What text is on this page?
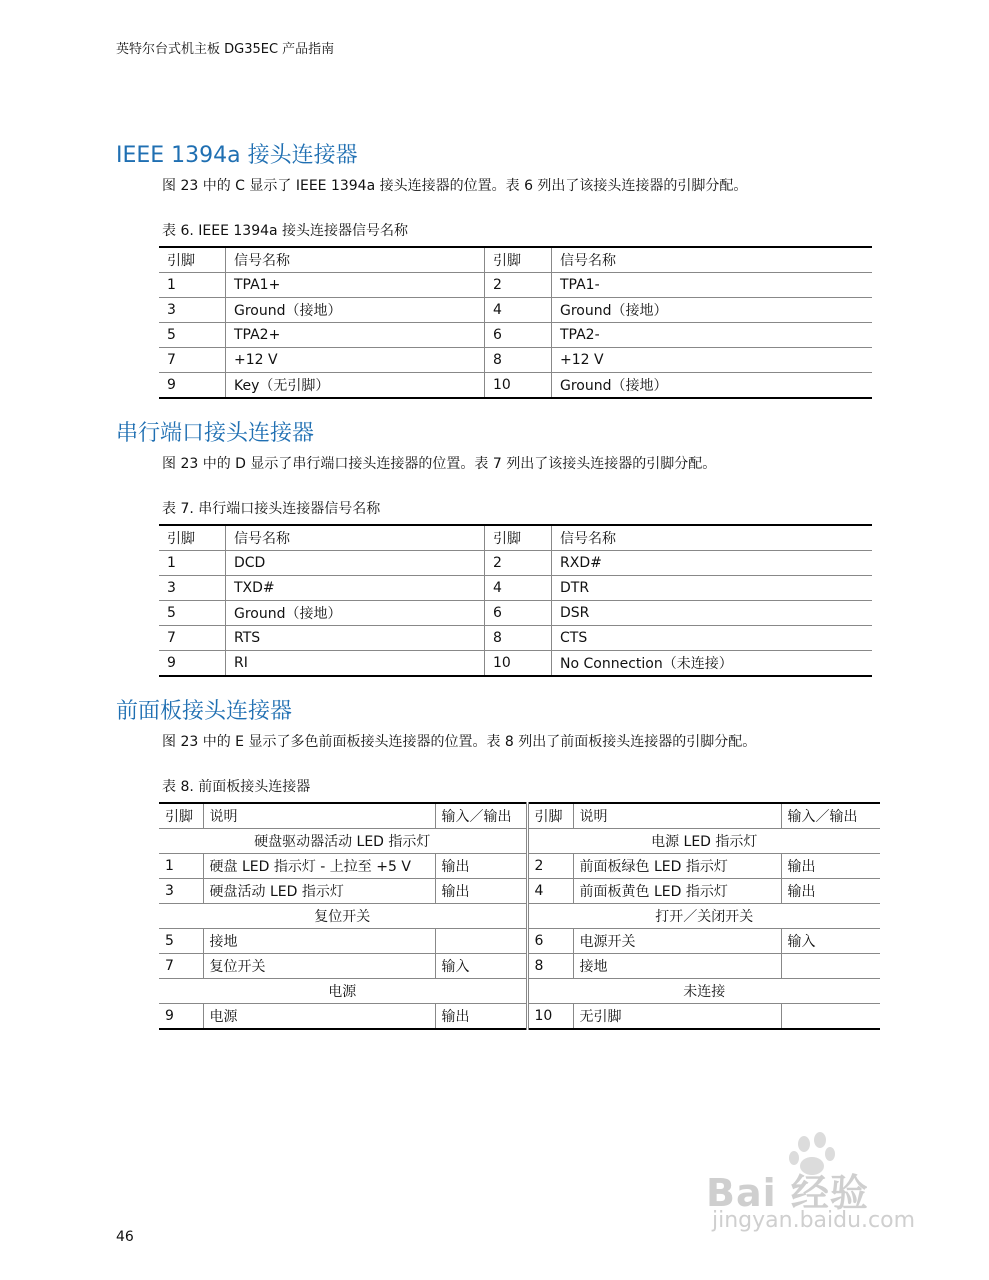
英特尔台式机主板 DG35EC 产品指南
IEEE 1394a 接头连接器

图 23 中的 C 显示了 IEEE 1394a 接头连接器的位置。表 6 列出了该接头连接器的引脚分配。

表 6. IEEE 1394a 接头连接器信号名称

引脚	信号名称	引脚	信号名称
1	TPA1+	2	TPA1-
3	Ground（接地）	4	Ground（接地）
5	TPA2+	6	TPA2-
7	+12 V	8	+12 V
9	Key（无引脚）	10	Ground（接地）
串行端口接头连接器

图 23 中的 D 显示了串行端口接头连接器的位置。表 7 列出了该接头连接器的引脚分配。

表 7. 串行端口接头连接器信号名称

引脚	信号名称	引脚	信号名称
1	DCD	2	RXD#
3	TXD#	4	DTR
5	Ground（接地）	6	DSR
7	RTS	8	CTS
9	RI	10	No Connection（未连接）
前面板接头连接器

图 23 中的 E 显示了多色前面板接头连接器的位置。表 8 列出了前面板接头连接器的引脚分配。

表 8. 前面板接头连接器

引脚	说明	输入／输出	引脚	说明	输入／输出
硬盘驱动器活动 LED 指示灯			电源 LED 指示灯		
1	硬盘 LED 指示灯 - 上拉至 +5 V	输出	2	前面板绿色 LED 指示灯	输出
3	硬盘活动 LED 指示灯	输出	4	前面板黄色 LED 指示灯	输出
复位开关			打开／关闭开关		
5	接地		6	电源开关	输入
7	复位开关	输入	8	接地	
电源			未连接		
9	电源	输出	10	无引脚	
Bai 经验
jingyan.baidu.com
46
